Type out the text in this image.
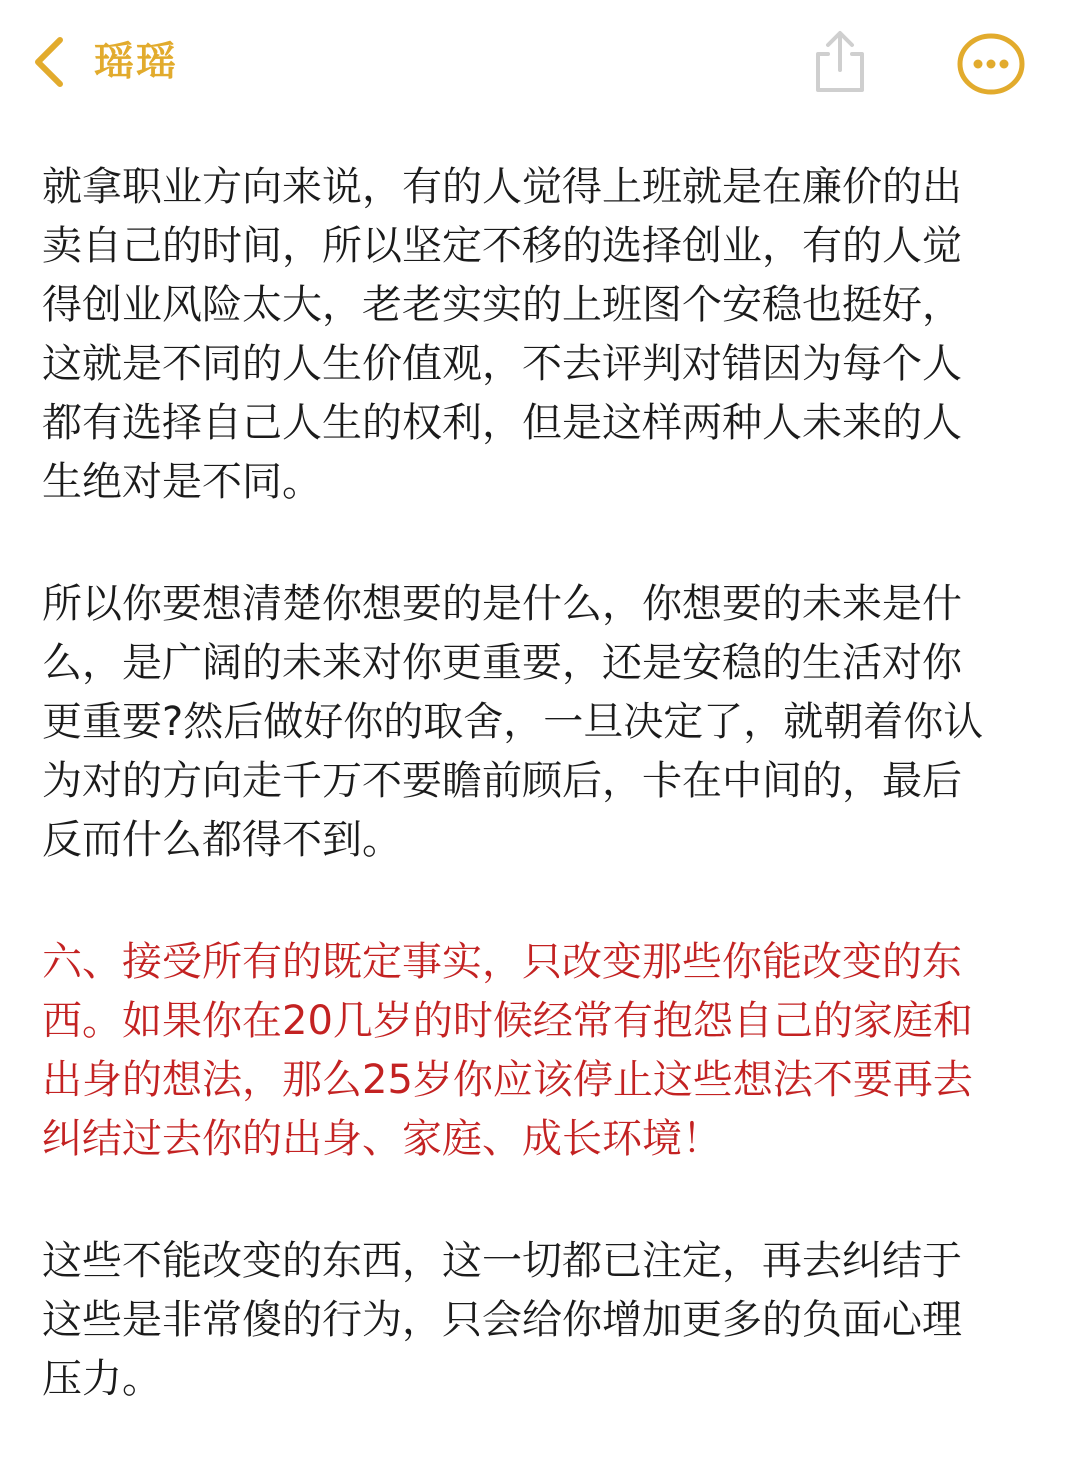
瑶瑶

就拿职业方向来说，有的人觉得上班就是在廉价的出
卖自己的时间，所以坚定不移的选择创业，有的人觉
得创业风险太大，老老实实的上班图个安稳也挺好，
这就是不同的人生价值观，不去评判对错因为每个人
都有选择自己人生的权利，但是这样两种人未来的人
生绝对是不同。

所以你要想清楚你想要的是什么，你想要的未来是什
么，是广阔的未来对你更重要，还是安稳的生活对你
更重要?然后做好你的取舍，一旦决定了，就朝着你认
为对的方向走千万不要瞻前顾后，卡在中间的，最后
反而什么都得不到。

六、接受所有的既定事实，只改变那些你能改变的东
西。如果你在20几岁的时候经常有抱怨自己的家庭和
出身的想法，那么25岁你应该停止这些想法不要再去
纠结过去你的出身、家庭、成长环境！

这些不能改变的东西，这一切都已注定，再去纠结于
这些是非常傻的行为，只会给你增加更多的负面心理
压力。
